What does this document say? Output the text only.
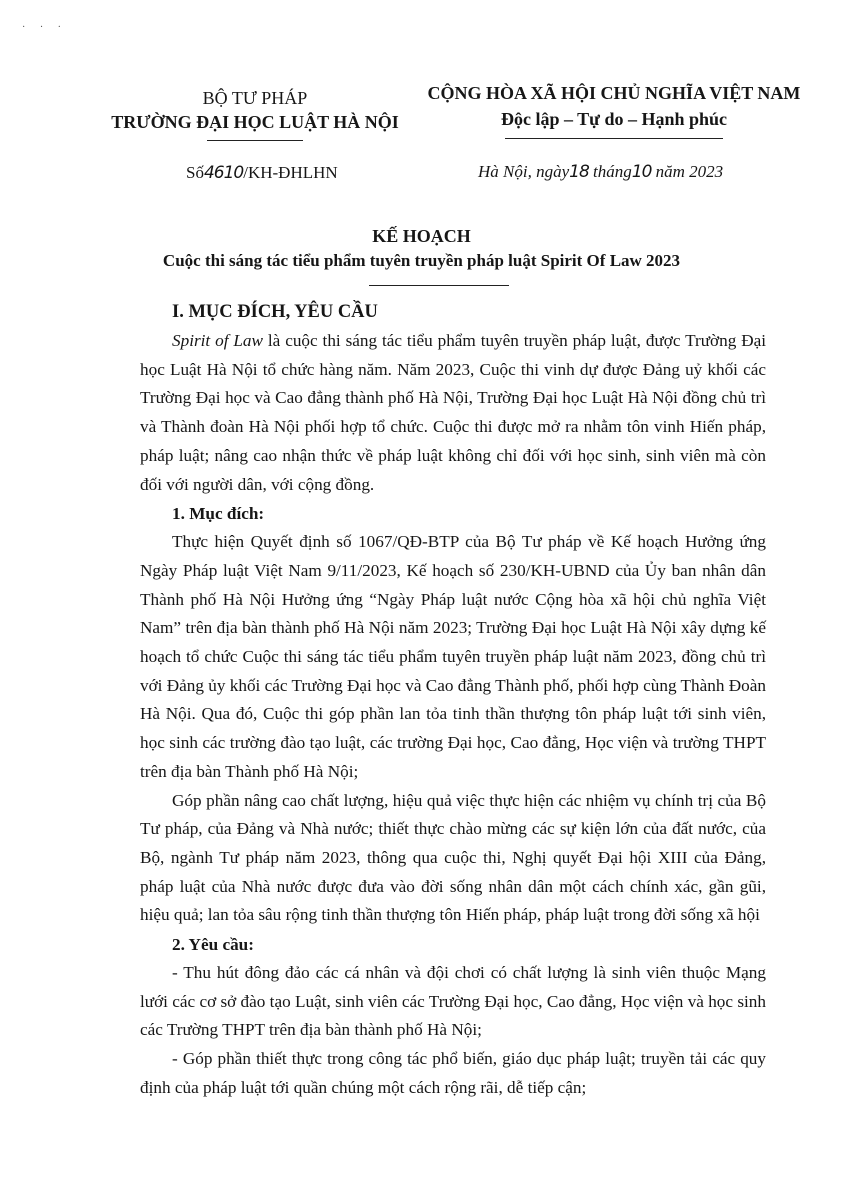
· · ·
BỘ TƯ PHÁP
TRƯỜNG ĐẠI HỌC LUẬT HÀ NỘI
CỘNG HÒA XÃ HỘI CHỦ NGHĨA VIỆT NAM
Độc lập – Tự do – Hạnh phúc
Số4610/KH-ĐHLHN	Hà Nội, ngày18 tháng10 năm 2023
KẾ HOẠCH
Cuộc thi sáng tác tiểu phẩm tuyên truyền pháp luật Spirit Of Law 2023
I. MỤC ĐÍCH, YÊU CẦU

Spirit of Law là cuộc thi sáng tác tiểu phẩm tuyên truyền pháp luật, được Trường Đại học Luật Hà Nội tổ chức hàng năm. Năm 2023, Cuộc thi vinh dự được Đảng uỷ khối các Trường Đại học và Cao đẳng thành phố Hà Nội, Trường Đại học Luật Hà Nội đồng chủ trì và Thành đoàn Hà Nội phối hợp tổ chức. Cuộc thi được mở ra nhằm tôn vinh Hiến pháp, pháp luật; nâng cao nhận thức về pháp luật không chỉ đối với học sinh, sinh viên mà còn đối với người dân, với cộng đồng.

1. Mục đích:

Thực hiện Quyết định số 1067/QĐ-BTP của Bộ Tư pháp về Kế hoạch Hưởng ứng Ngày Pháp luật Việt Nam 9/11/2023, Kế hoạch số 230/KH-UBND của Ủy ban nhân dân Thành phố Hà Nội Hưởng ứng “Ngày Pháp luật nước Cộng hòa xã hội chủ nghĩa Việt Nam” trên địa bàn thành phố Hà Nội năm 2023; Trường Đại học Luật Hà Nội xây dựng kế hoạch tổ chức Cuộc thi sáng tác tiểu phẩm tuyên truyền pháp luật năm 2023, đồng chủ trì với Đảng ủy khối các Trường Đại học và Cao đẳng Thành phố, phối hợp cùng Thành Đoàn Hà Nội. Qua đó, Cuộc thi góp phần lan tỏa tinh thần thượng tôn pháp luật tới sinh viên, học sinh các trường đào tạo luật, các trường Đại học, Cao đẳng, Học viện và trường THPT trên địa bàn Thành phố Hà Nội;

Góp phần nâng cao chất lượng, hiệu quả việc thực hiện các nhiệm vụ chính trị của Bộ Tư pháp, của Đảng và Nhà nước; thiết thực chào mừng các sự kiện lớn của đất nước, của Bộ, ngành Tư pháp năm 2023, thông qua cuộc thi, Nghị quyết Đại hội XIII của Đảng, pháp luật của Nhà nước được đưa vào đời sống nhân dân một cách chính xác, gần gũi, hiệu quả; lan tỏa sâu rộng tinh thần thượng tôn Hiến pháp, pháp luật trong đời sống xã hội

2. Yêu cầu:

- Thu hút đông đảo các cá nhân và đội chơi có chất lượng là sinh viên thuộc Mạng lưới các cơ sở đào tạo Luật, sinh viên các Trường Đại học, Cao đẳng, Học viện và học sinh các Trường THPT trên địa bàn thành phố Hà Nội;

- Góp phần thiết thực trong công tác phổ biến, giáo dục pháp luật; truyền tải các quy định của pháp luật tới quần chúng một cách rộng rãi, dễ tiếp cận;
